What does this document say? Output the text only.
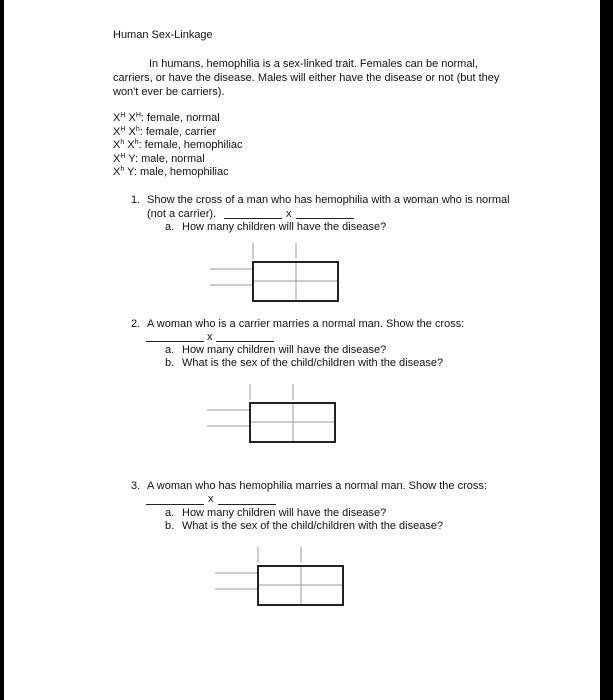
Human Sex-Linkage
In humans, hemophilia is a sex-linked trait. Females can be normal,
carriers, or have the disease. Males will either have the disease or not (but they
won't ever be carriers).
$X^H$ $X^H$: female, normal
$X^H$ $X^h$: female, carrier
$X^h$ $X^h$: female, hemophiliac
$X^H$ Y: male, normal
$X^h$ Y: male, hemophiliac
1. Show the cross of a man who has hemophilia with a woman who is normal
(not a carrier).	x
a. How many children will have the disease?
2. A woman who is a carrier marries a normal man. Show the cross:
x
a. How many children will have the disease?
b. What is the sex of the child/children with the disease?
3. A woman who has hemophilia marries a normal man. Show the cross:
x
a. How many children will have the disease?
b. What is the sex of the child/children with the disease?
